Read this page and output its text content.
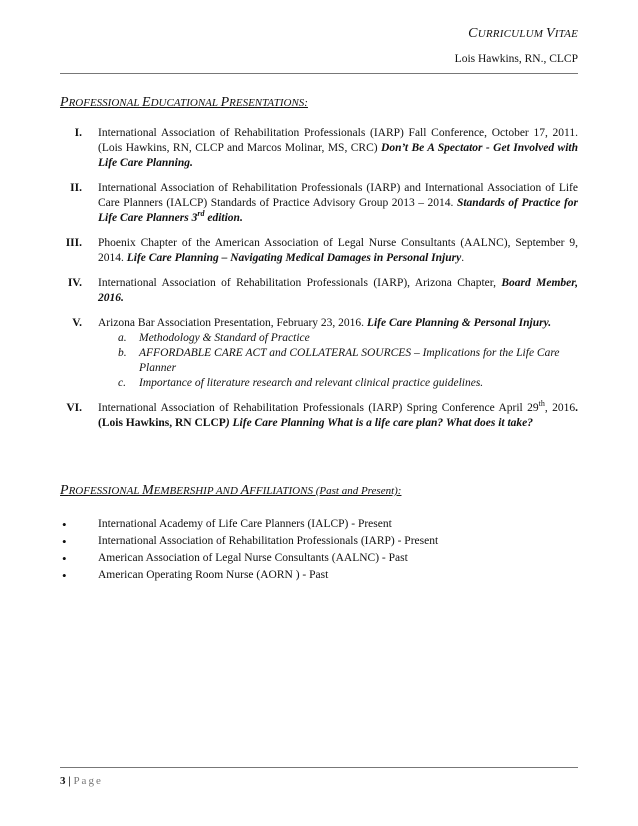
CURRICULUM VITAE
Lois Hawkins, RN., CLCP
PROFESSIONAL EDUCATIONAL PRESENTATIONS:
I. International Association of Rehabilitation Professionals (IARP) Fall Conference, October 17, 2011. (Lois Hawkins, RN, CLCP and Marcos Molinar, MS, CRC) Don’t Be A Spectator - Get Involved with Life Care Planning.
II. International Association of Rehabilitation Professionals (IARP) and International Association of Life Care Planners (IALCP) Standards of Practice Advisory Group 2013 – 2014. Standards of Practice for Life Care Planners 3rd edition.
III. Phoenix Chapter of the American Association of Legal Nurse Consultants (AALNC), September 9, 2014. Life Care Planning – Navigating Medical Damages in Personal Injury.
IV. International Association of Rehabilitation Professionals (IARP), Arizona Chapter, Board Member, 2016.
V. Arizona Bar Association Presentation, February 23, 2016. Life Care Planning & Personal Injury.
a. Methodology & Standard of Practice
b. AFFORDABLE CARE ACT and COLLATERAL SOURCES – Implications for the Life Care Planner
c. Importance of literature research and relevant clinical practice guidelines.
VI. International Association of Rehabilitation Professionals (IARP) Spring Conference April 29th, 2016. (Lois Hawkins, RN CLCP) Life Care Planning What is a life care plan? What does it take?
PROFESSIONAL MEMBERSHIP AND AFFILIATIONS (Past and Present):
•	International Academy of Life Care Planners (IALCP) - Present
•	International Association of Rehabilitation Professionals (IARP) - Present
•	American Association of Legal Nurse Consultants (AALNC) - Past
•	American Operating Room Nurse (AORN ) - Past
3 | Page
